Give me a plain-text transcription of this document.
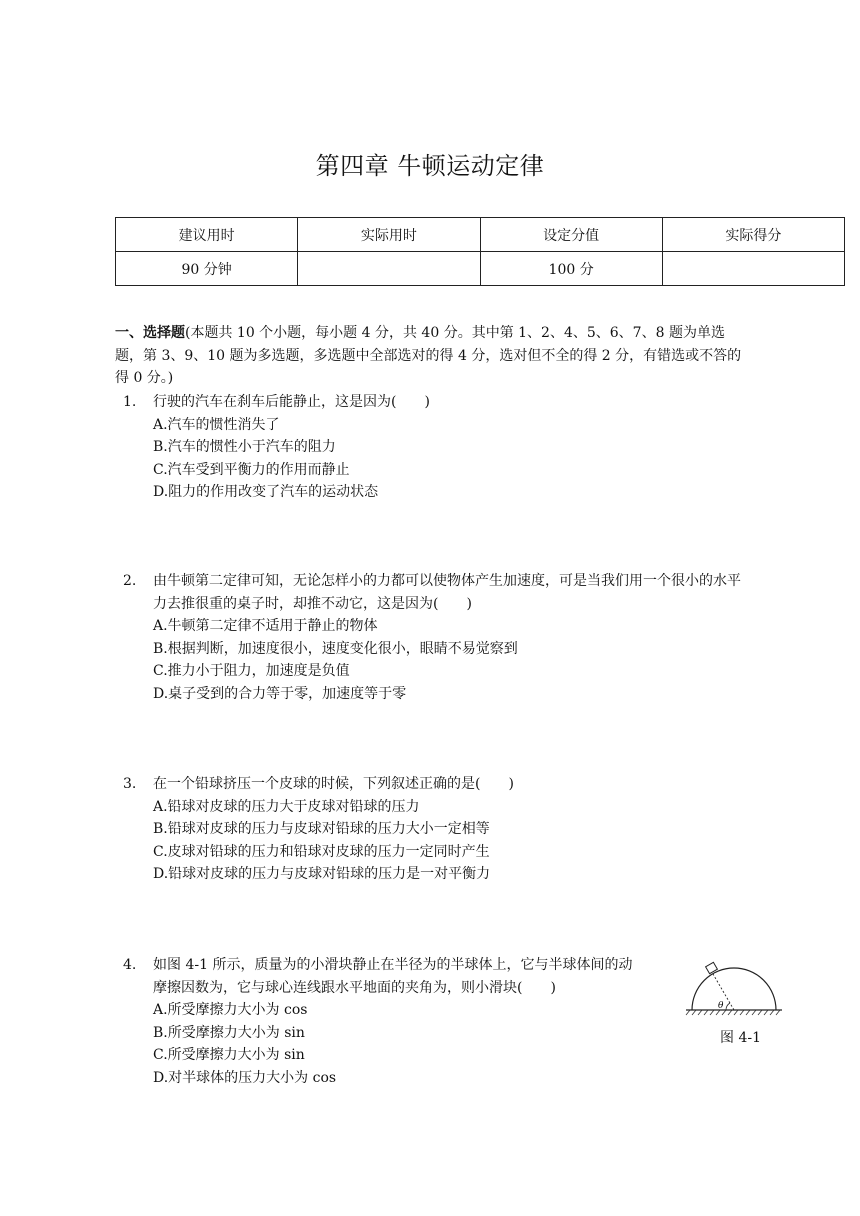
第四章 牛顿运动定律
建议用时	实际用时	设定分值	实际得分
90 分钟		100 分	
一、选择题(本题共 10 个小题，每小题 4 分，共 40 分。其中第 1、2、4、5、6、7、8 题为单选题，第 3、9、10 题为多选题，多选题中全部选对的得 4 分，选对但不全的得 2 分，有错选或不答的得 0 分。)
1. 行驶的汽车在刹车后能静止，这是因为(　　)
A.汽车的惯性消失了
B.汽车的惯性小于汽车的阻力
C.汽车受到平衡力的作用而静止
D.阻力的作用改变了汽车的运动状态
2. 由牛顿第二定律可知，无论怎样小的力都可以使物体产生加速度，可是当我们用一个很小的水平力去推很重的桌子时，却推不动它，这是因为(　　)
A.牛顿第二定律不适用于静止的物体
B.根据判断，加速度很小，速度变化很小，眼睛不易觉察到
C.推力小于阻力，加速度是负值
D.桌子受到的合力等于零，加速度等于零
3. 在一个铅球挤压一个皮球的时候，下列叙述正确的是(　　)
A.铅球对皮球的压力大于皮球对铅球的压力
B.铅球对皮球的压力与皮球对铅球的压力大小一定相等
C.皮球对铅球的压力和铅球对皮球的压力一定同时产生
D.铅球对皮球的压力与皮球对铅球的压力是一对平衡力
4. 如图 4-1 所示，质量为的小滑块静止在半径为的半球体上，它与半球体间的动摩擦因数为，它与球心连线跟水平地面的夹角为，则小滑块(　　)
A.所受摩擦力大小为 cos
B.所受摩擦力大小为 sin
C.所受摩擦力大小为 sin
D.对半球体的压力大小为 cos
θ
图 4-1
